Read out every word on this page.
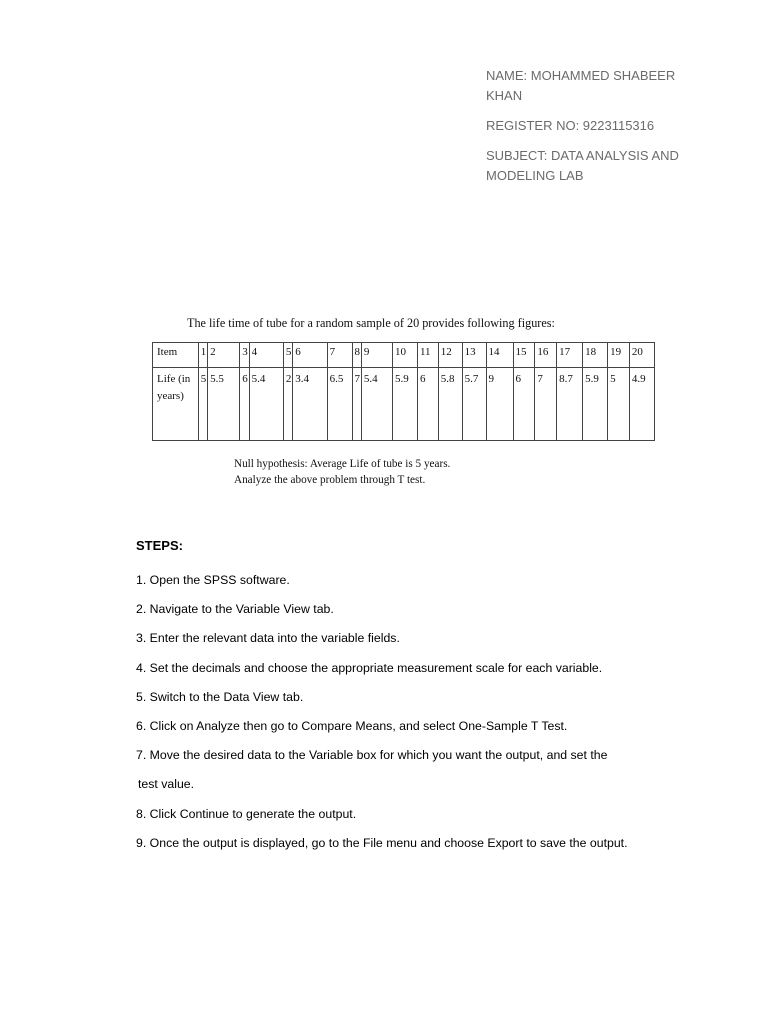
NAME: MOHAMMED SHABEER KHAN

REGISTER NO: 9223115316

SUBJECT: DATA ANALYSIS AND MODELING LAB

The life time of tube for a random sample of 20 provides following figures:
Item	1	2	3	4	5	6	7	8	9	10	11	12	13	14	15	16	17	18	19	20
Life (in years)	5	5.5	6	5.4	2	3.4	6.5	7	5.4	5.9	6	5.8	5.7	9	6	7	8.7	5.9	5	4.9
Null hypothesis: Average Life of tube is 5 years.
Analyze the above problem through T test.
STEPS:
1. Open the SPSS software.
2. Navigate to the Variable View tab.
3. Enter the relevant data into the variable fields.
4. Set the decimals and choose the appropriate measurement scale for each variable.
5. Switch to the Data View tab.
6. Click on Analyze then go to Compare Means, and select One-Sample T Test.
7. Move the desired data to the Variable box for which you want the output, and set the
test value.
8. Click Continue to generate the output.
9. Once the output is displayed, go to the File menu and choose Export to save the output.
